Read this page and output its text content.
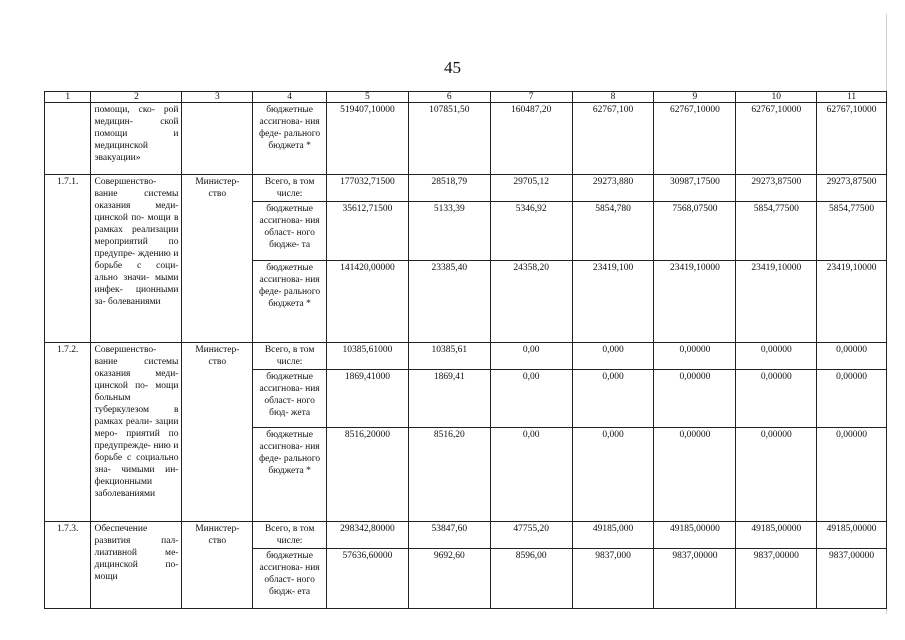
45
1	2	3	4	5	6	7	8	9	10	11
	помощи, ско- рой медицин- ской помощи и медицинской эвакуации»		бюджетные ассигнова- ния феде- рального бюджета *	519407,10000	107851,50	160487,20	62767,100	62767,10000	62767,10000	62767,10000
1.7.1.	Совершенство- вание системы оказания меди- цинской по- мощи в рамках реализации мероприятий по предупре- ждению и борьбе с соци- ально значи- мыми инфек- ционными за- болеваниями	Министер- ство	Всего, в том числе:	177032,71500	28518,79	29705,12	29273,880	30987,17500	29273,87500	29273,87500
			бюджетные ассигнова- ния област- ного бюдже- та	35612,71500	5133,39	5346,92	5854,780	7568,07500	5854,77500	5854,77500
			бюджетные ассигнова- ния феде- рального бюджета *	141420,00000	23385,40	24358,20	23419,100	23419,10000	23419,10000	23419,10000
1.7.2.	Совершенство- вание системы оказания меди- цинской по- мощи больным туберкулезом в рамках реали- зации меро- приятий по предупрежде- нию и борьбе с социально зна- чимыми ин- фекционными заболеваниями	Министер- ство	Всего, в том числе:	10385,61000	10385,61	0,00	0,000	0,00000	0,00000	0,00000
			бюджетные ассигнова- ния област- ного бюд- жета	1869,41000	1869,41	0,00	0,000	0,00000	0,00000	0,00000
			бюджетные ассигнова- ния феде- рального бюджета *	8516,20000	8516,20	0,00	0,000	0,00000	0,00000	0,00000
1.7.3.	Обеспечение развития пал- лиативной ме- дицинской по- мощи	Министер- ство	Всего, в том числе:	298342,80000	53847,60	47755,20	49185,000	49185,00000	49185,00000	49185,00000
			бюджетные ассигнова- ния област- ного бюдж- ета	57636,60000	9692,60	8596,00	9837,000	9837,00000	9837,00000	9837,00000
